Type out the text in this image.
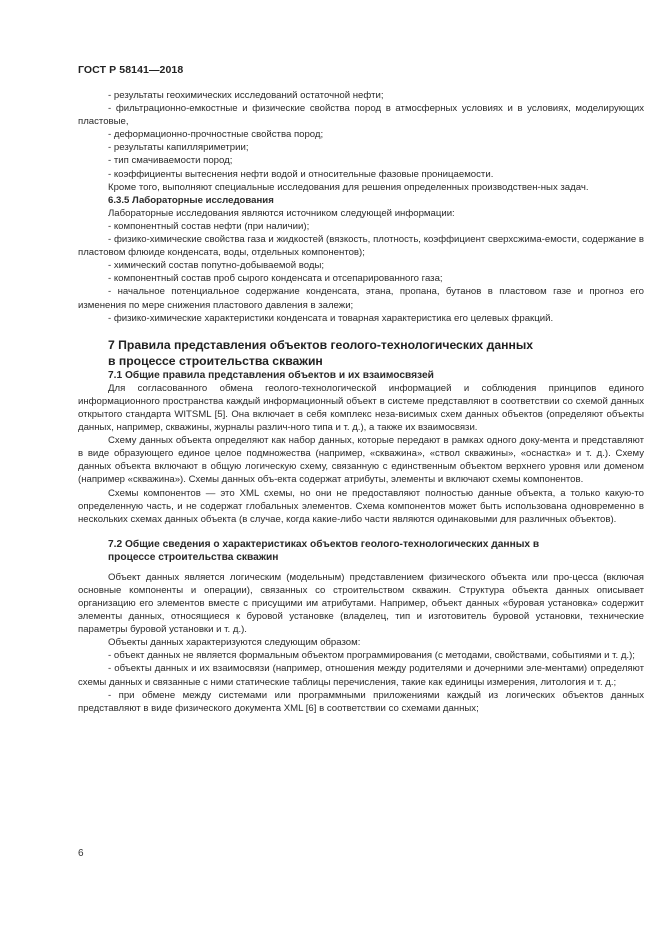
ГОСТ Р 58141—2018

- результаты геохимических исследований остаточной нефти;

- фильтрационно-емкостные и физические свойства пород в атмосферных условиях и в условиях, моделирующих пластовые,

- деформационно-прочностные свойства пород;

- результаты капилляриметрии;

- тип смачиваемости пород;

- коэффициенты вытеснения нефти водой и относительные фазовые проницаемости.

Кроме того, выполняют специальные исследования для решения определенных производствен-ных задач.

6.3.5 Лабораторные исследования

Лабораторные исследования являются источником следующей информации:

- компонентный состав нефти (при наличии);

- физико-химические свойства газа и жидкостей (вязкость, плотность, коэффициент сверхсжима-емости, содержание в пластовом флюиде конденсата, воды, отдельных компонентов);

- химический состав попутно-добываемой воды;

- компонентный состав проб сырого конденсата и отсепарированного газа;

- начальное потенциальное содержание конденсата, этана, пропана, бутанов в пластовом газе и прогноз его изменения по мере снижения пластового давления в залежи;

- физико-химические характеристики конденсата и товарная характеристика его целевых фракций.

7 Правила представления объектов геолого-технологических данных
в процессе строительства скважин

7.1 Общие правила представления объектов и их взаимосвязей

Для согласованного обмена геолого-технологической информацией и соблюдения принципов единого информационного пространства каждый информационный объект в системе представляют в соответствии со схемой данных открытого стандарта WITSML [5]. Она включает в себя комплекс неза-висимых схем данных объектов (определяют объекты данных, например, скважины, журналы различ-ного типа и т. д.), а также их взаимосвязи.

Схему данных объекта определяют как набор данных, которые передают в рамках одного доку-мента и представляют в виде образующего единое целое подмножества (например, «скважина», «ствол скважины», «оснастка» и т. д.). Схему данных объекта включают в общую логическую схему, связанную с единственным объектом верхнего уровня или доменом (например «скважина»). Схемы данных объ-екта содержат атрибуты, элементы и включают схемы компонентов.

Схемы компонентов — это XML схемы, но они не предоставляют полностью данные объекта, а только какую-то определенную часть, и не содержат глобальных элементов. Схема компонентов может быть использована одновременно в нескольких схемах данных объекта (в случае, когда какие-либо части являются одинаковыми для различных объектов).

7.2 Общие сведения о характеристиках объектов геолого-технологических данных в
процессе строительства скважин

Объект данных является логическим (модельным) представлением физического объекта или про-цесса (включая основные компоненты и операции), связанных со строительством скважин. Структура объекта данных описывает организацию его элементов вместе с присущими им атрибутами. Например, объект данных «буровая установка» содержит элементы данных, относящиеся к буровой установке (владелец, тип и изготовитель буровой установки, технические параметры буровой установки и т. д.).

Объекты данных характеризуются следующим образом:

- объект данных не является формальным объектом программирования (с методами, свойствами, событиями и т. д.);

- объекты данных и их взаимосвязи (например, отношения между родителями и дочерними эле-ментами) определяют схемы данных и связанные с ними статические таблицы перечисления, такие как единицы измерения, литология и т. д.;

- при обмене между системами или программными приложениями каждый из логических объектов данных представляют в виде физического документа XML [6] в соответствии со схемами данных;

6
